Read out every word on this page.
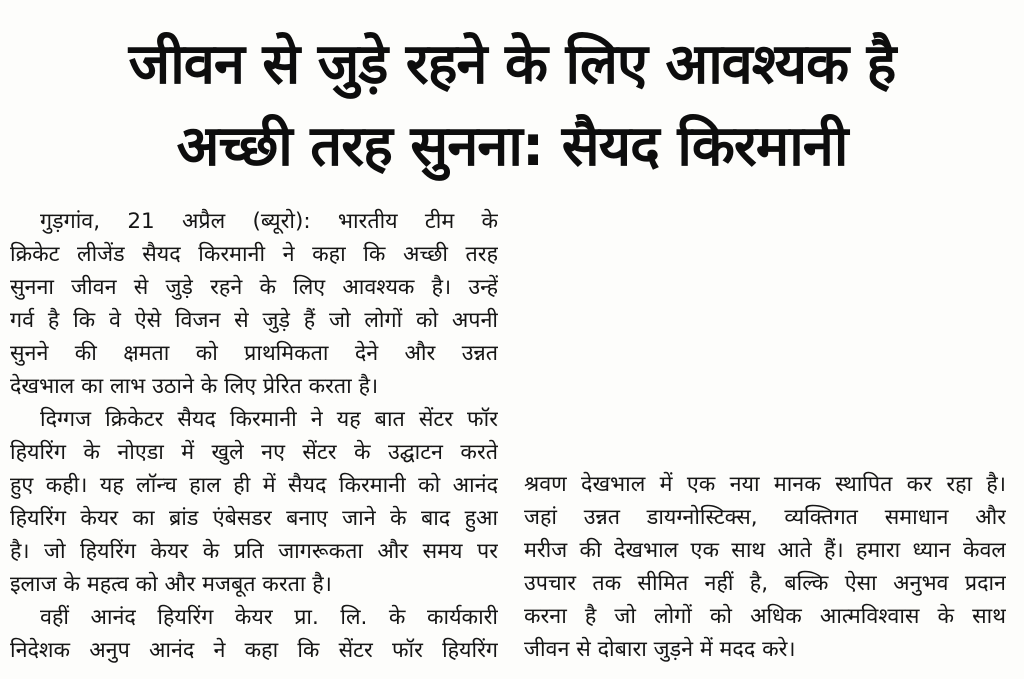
जीवन से जुड़े रहने के लिए आवश्यक है
अच्छी तरह सुनना: सैयद किरमानी
गुड़गांव, 21 अप्रैल (ब्यूरो): भारतीय टीम के
क्रिकेट लीजेंड सैयद किरमानी ने कहा कि अच्छी तरह
सुनना जीवन से जुड़े रहने के लिए आवश्यक है। उन्हें
गर्व है कि वे ऐसे विजन से जुड़े हैं जो लोगों को अपनी
सुनने की क्षमता को प्राथमिकता देने और उन्नत
देखभाल का लाभ उठाने के लिए प्रेरित करता है।
दिग्गज क्रिकेटर सैयद किरमानी ने यह बात सेंटर फॉर
हियरिंग के नोएडा में खुले नए सेंटर के उद्घाटन करते
हुए कही। यह लॉन्च हाल ही में सैयद किरमानी को आनंद
हियरिंग केयर का ब्रांड एंबेसडर बनाए जाने के बाद हुआ
है। जो हियरिंग केयर के प्रति जागरूकता और समय पर
इलाज के महत्व को और मजबूत करता है।
वहीं आनंद हियरिंग केयर प्रा. लि. के कार्यकारी
निदेशक अनुप आनंद ने कहा कि सेंटर फॉर हियरिंग
श्रवण देखभाल में एक नया मानक स्थापित कर रहा है।
जहां उन्नत डायग्नोस्टिक्स, व्यक्तिगत समाधान और
मरीज की देखभाल एक साथ आते हैं। हमारा ध्यान केवल
उपचार तक सीमित नहीं है, बल्कि ऐसा अनुभव प्रदान
करना है जो लोगों को अधिक आत्मविश्वास के साथ
जीवन से दोबारा जुड़ने में मदद करे।
